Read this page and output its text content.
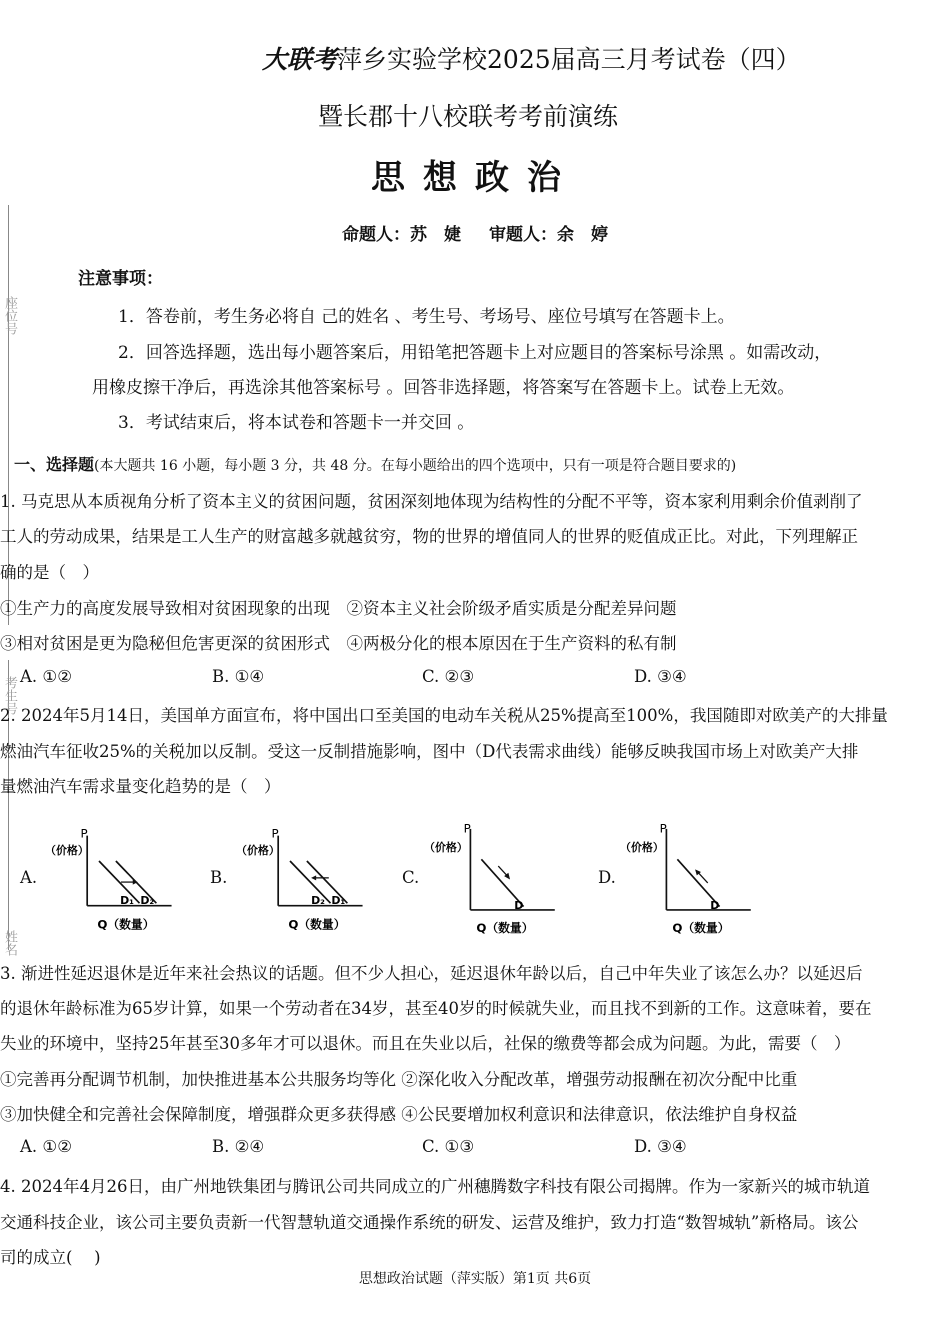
座位号
考生号
姓名
大联考萍乡实验学校2025届高三月考试卷（四）
暨长郡十八校联考考前演练
思想政治
命题人：苏　婕 审题人：余　婷
注意事项：
1．答卷前，考生务必将自 己的姓名 、考生号、考场号、座位号填写在答题卡上。
2．回答选择题，选出每小题答案后，用铅笔把答题卡上对应题目的答案标号涂黑 。如需改动，
用橡皮擦干净后，再选涂其他答案标号 。回答非选择题，将答案写在答题卡上。试卷上无效。
3．考试结束后，将本试卷和答题卡一并交回 。
一、选择题(本大题共 16 小题，每小题 3 分，共 48 分。在每小题给出的四个选项中，只有一项是符合题目要求的)
1. 马克思从本质视角分析了资本主义的贫困问题，贫困深刻地体现为结构性的分配不平等，资本家利用剩余价值剥削了
工人的劳动成果，结果是工人生产的财富越多就越贫穷，物的世界的增值同人的世界的贬值成正比。对此，下列理解正
确的是（　）
①生产力的高度发展导致相对贫困现象的出现　②资本主义社会阶级矛盾实质是分配差异问题
③相对贫困是更为隐秘但危害更深的贫困形式　④两极分化的根本原因在于生产资料的私有制
A. ①②	B. ①④	C. ②③	D. ③④
2. 2024年5月14日，美国单方面宣布，将中国出口至美国的电动车关税从25%提高至100%，我国随即对欧美产的大排量
燃油汽车征收25%的关税加以反制。受这一反制措施影响，图中（D代表需求曲线）能够反映我国市场上对欧美产大排
量燃油汽车需求量变化趋势的是（　）
A.	B.	C.	D.
P
（价格）
Q（数量）
D₁ D₂
P
（价格）
Q（数量）
D₂ D₁
P
（价格）
Q（数量）
D
P
（价格）
Q（数量）
D
3. 渐进性延迟退休是近年来社会热议的话题。但不少人担心，延迟退休年龄以后，自己中年失业了该怎么办？以延迟后
的退休年龄标准为65岁计算，如果一个劳动者在34岁，甚至40岁的时候就失业，而且找不到新的工作。这意味着，要在
失业的环境中，坚持25年甚至30多年才可以退休。而且在失业以后，社保的缴费等都会成为问题。为此，需要（　）
①完善再分配调节机制，加快推进基本公共服务均等化 ②深化收入分配改革，增强劳动报酬在初次分配中比重
③加快健全和完善社会保障制度，增强群众更多获得感 ④公民要增加权利意识和法律意识，依法维护自身权益
A. ①②	B. ②④	C. ①③	D. ③④
4. 2024年4月26日，由广州地铁集团与腾讯公司共同成立的广州穗腾数字科技有限公司揭牌。作为一家新兴的城市轨道
交通科技企业，该公司主要负责新一代智慧轨道交通操作系统的研发、运营及维护，致力打造“数智城轨”新格局。该公
司的成立(　 )
思想政治试题（萍实版）第1页 共6页
